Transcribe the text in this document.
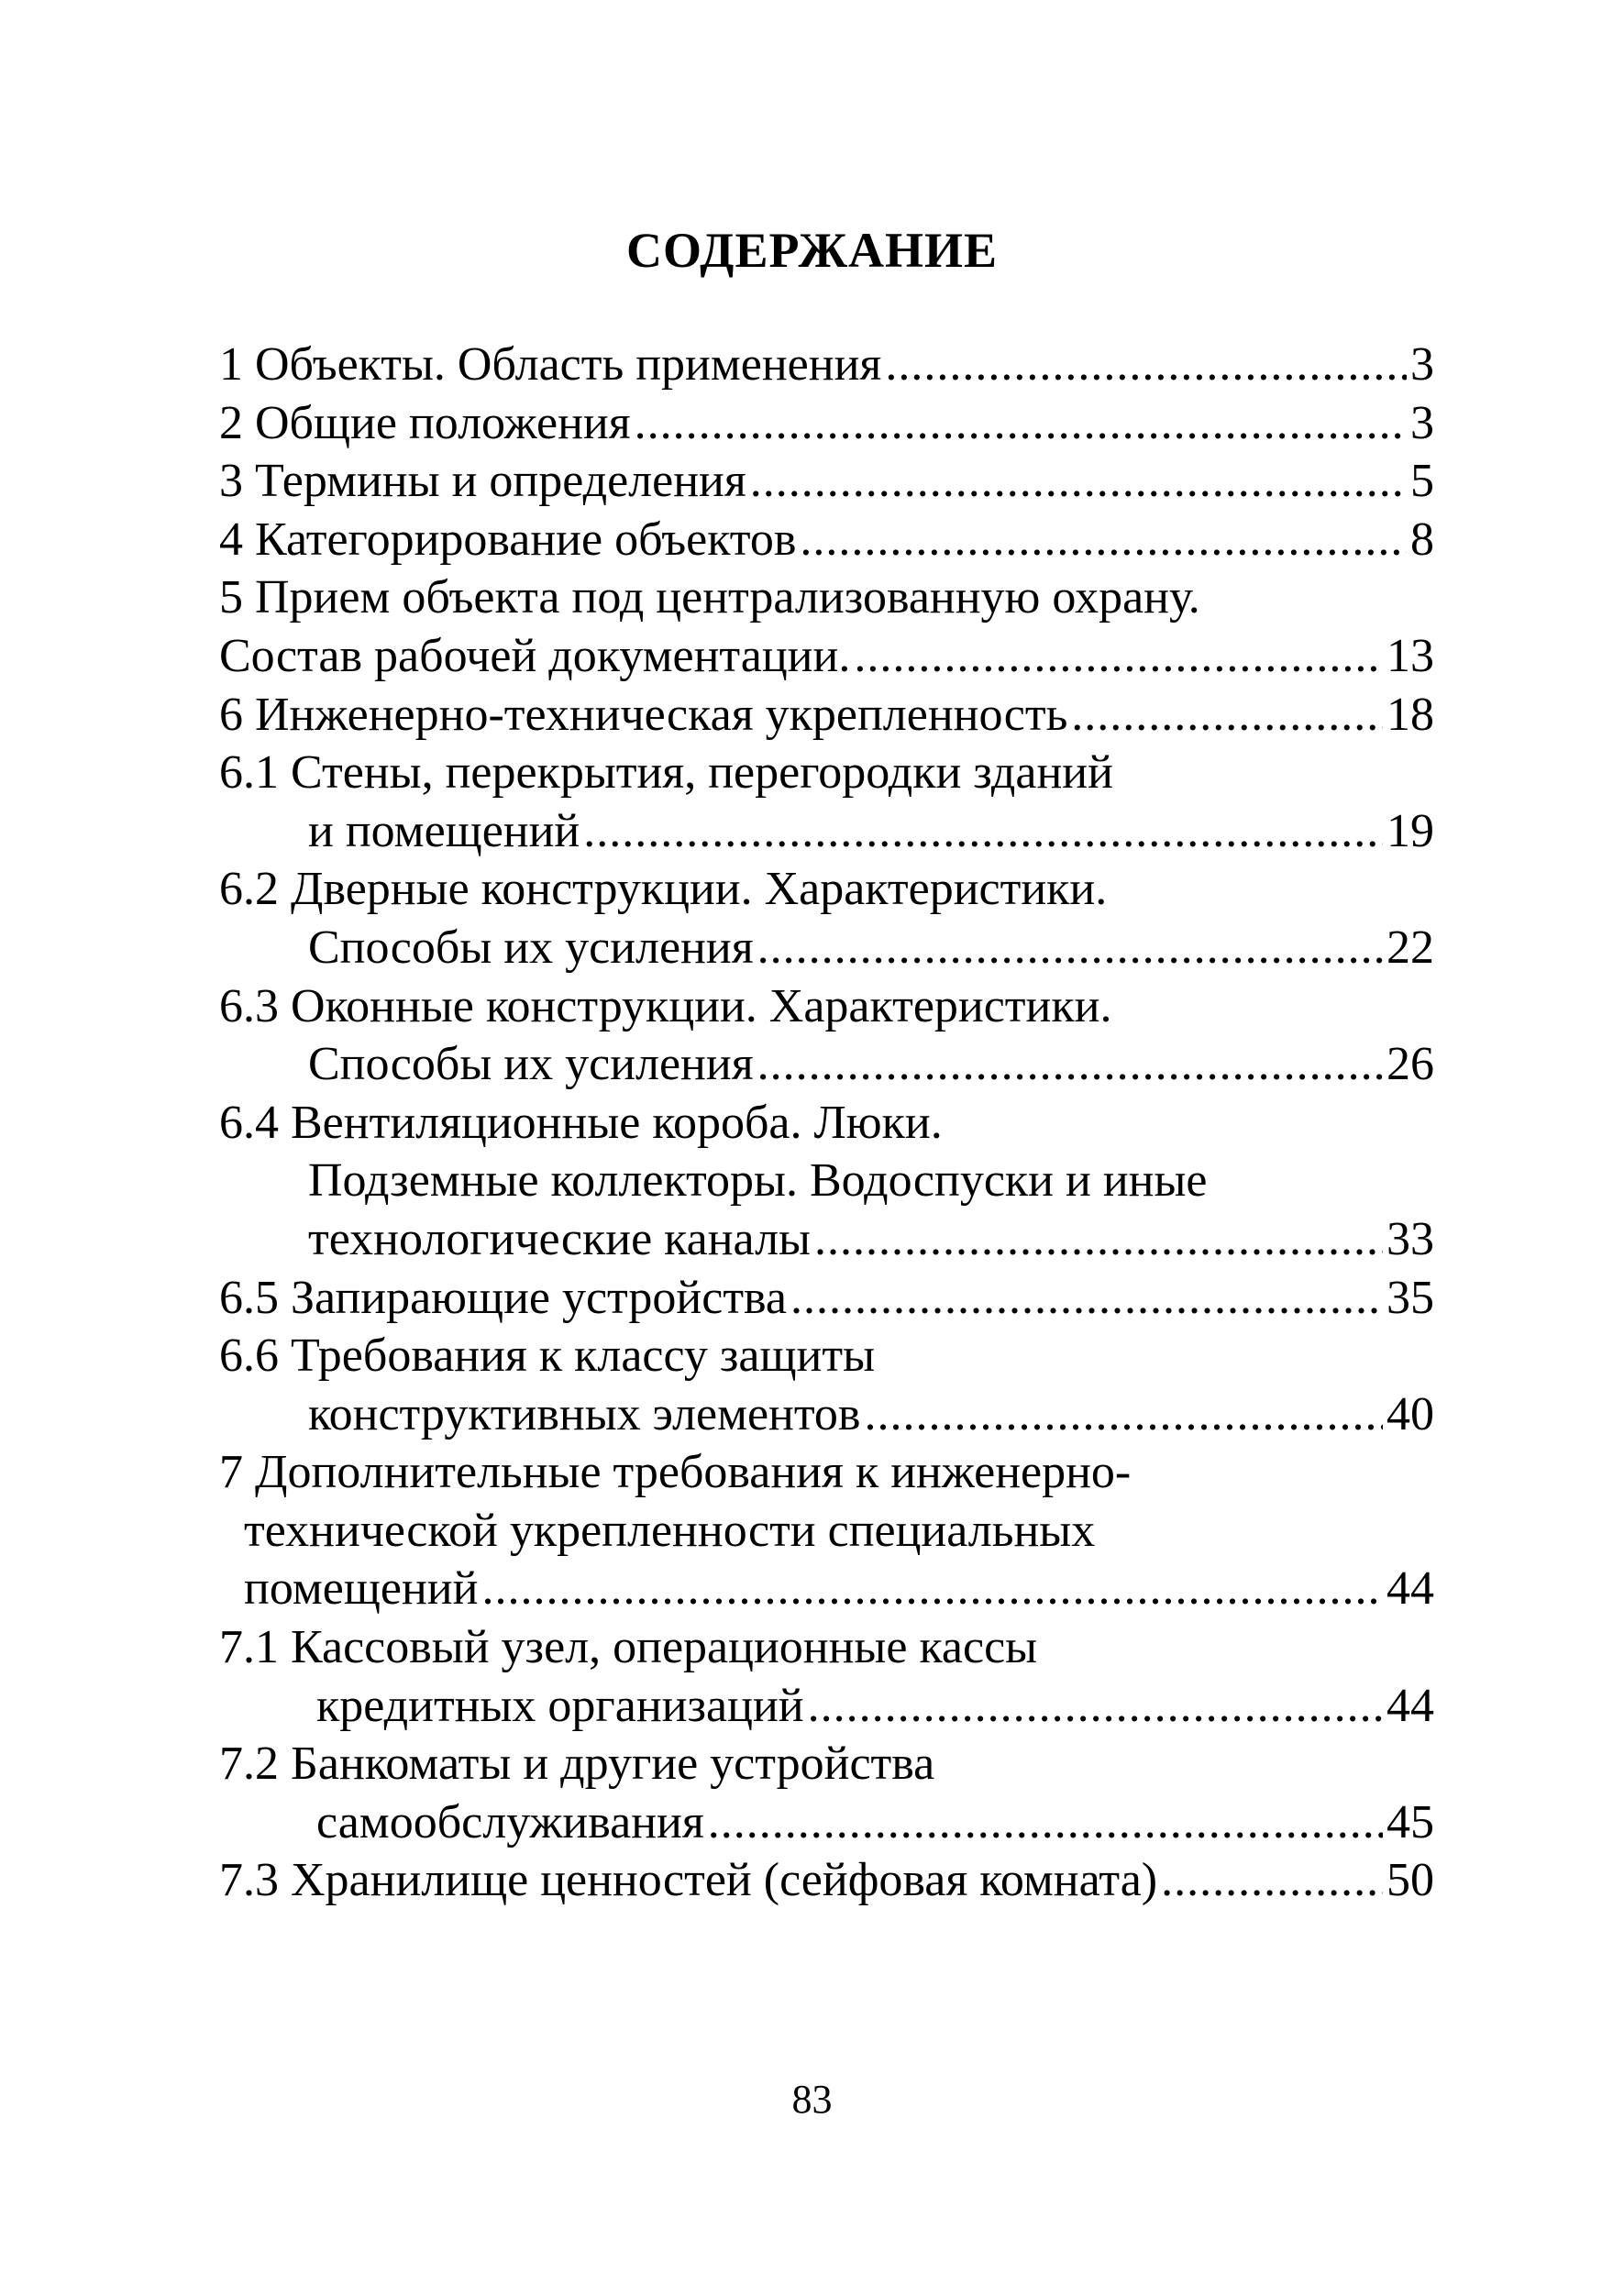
СОДЕРЖАНИЕ
1 Объекты. Область применения .....	3
2 Общие положения .....	3
3 Термины и определения .....	5
4 Категорирование объектов .....	8
5 Прием объекта под централизованную охрану.
Состав рабочей документации. .....	13
6 Инженерно-техническая укрепленность .....	18
6.1 Стены, перекрытия, перегородки зданий
и помещений .....	19
6.2 Дверные конструкции. Характеристики.
Способы их усиления .....	22
6.3 Оконные конструкции. Характеристики.
Способы их усиления .....	26
6.4 Вентиляционные короба. Люки.
Подземные коллекторы. Водоспуски и иные
технологические каналы .....	33
6.5 Запирающие устройства .....	35
6.6 Требования к классу защиты
конструктивных элементов .....	40
7 Дополнительные требования к инженерно-
технической укрепленности специальных
помещений .....	44
7.1 Кассовый узел, операционные кассы
кредитных организаций .....	44
7.2 Банкоматы и другие устройства
самообслуживания .....	45
7.3 Хранилище ценностей (сейфовая комната) .....	50
83
